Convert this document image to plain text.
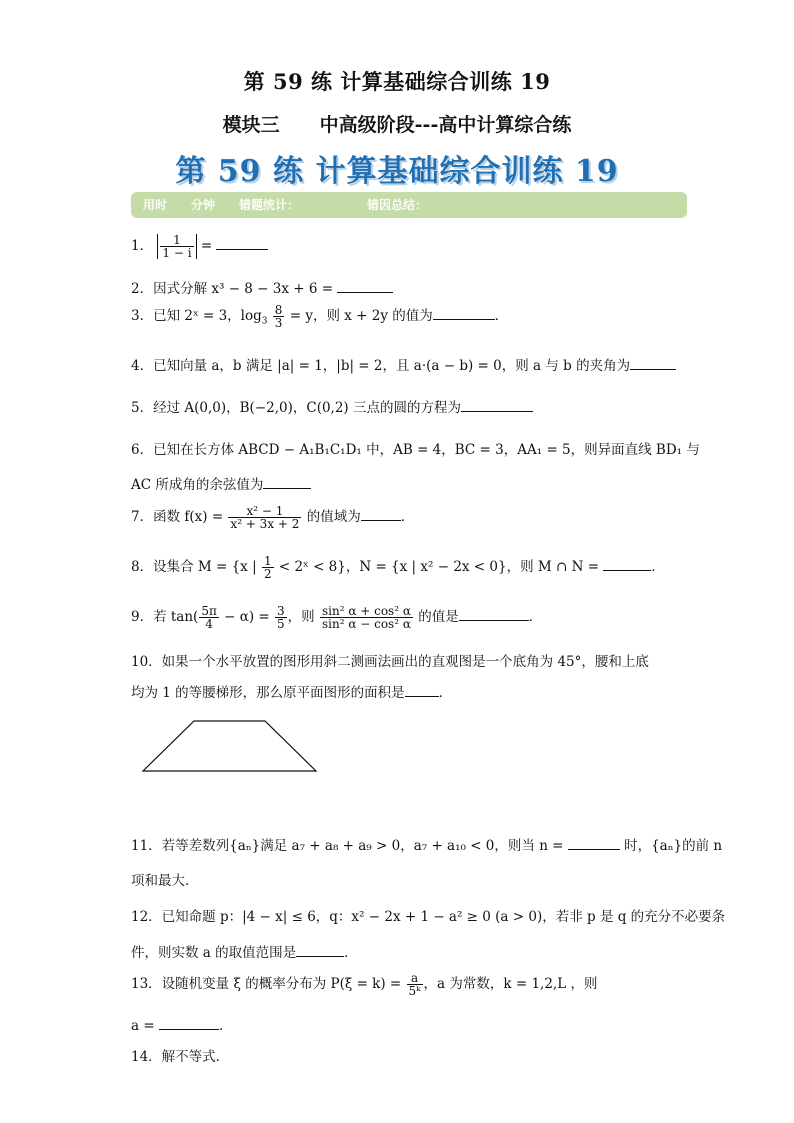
第 59 练 计算基础综合训练 19
模块三 中高级阶段---高中计算综合练
第 59 练 计算基础综合训练 19
用时 分钟 错题统计：	错因总结：
1． $\frac{1}{1 - i}$ =
2．因式分解 x³ − 8 − 3x + 6 =
3．已知 2ˣ = 3，$\log_3 \frac{8}{3} = y$，则 x + 2y 的值为	．
4．已知向量 a，b 满足 |a| = 1，|b| = 2，且 a·(a − b) = 0，则 a 与 b 的夹角为
5．经过 A(0,0)，B(−2,0)，C(0,2) 三点的圆的方程为
6．已知在长方体 ABCD − A₁B₁C₁D₁ 中，AB = 4，BC = 3，AA₁ = 5，则异面直线 BD₁ 与
AC 所成角的余弦值为
7．函数 $f(x) = \frac{\text{x² − 1}}{\text{x² + 3x + 2}}$ 的值域为	．
8．设集合 M = {x | $\frac{1}{2}$ < 2ˣ < 8}，N = {x | x² − 2x < 0}，则 M ∩ N =	．
9．若 $\tan( \frac{5\pi}{4} - \alpha) = \frac{3}{5}$ ，则 $\frac{\text{sin² α + cos² α}}{\text{sin² α − cos² α}}$ 的值是	．
10．如果一个水平放置的图形用斜二测画法画出的直观图是一个底角为 45°，腰和上底
均为 1 的等腰梯形，那么原平面图形的面积是	．
11．若等差数列{aₙ}满足 a₇ + a₈ + a₉ > 0，a₇ + a₁₀ < 0，则当 n =	时，{aₙ}的前 n
项和最大．
12．已知命题 p：|4 − x| ≤ 6，q：x² − 2x + 1 − a² ≥ 0 (a > 0)，若非 p 是 q 的充分不必要条
件，则实数 a 的取值范围是	．
13．设随机变量 ξ 的概率分布为 $P(\xi = k) = \frac{a}{\text{5ᵏ}}$ ，a 为常数，k = 1,2,L ，则
a =	．
14．解不等式．
